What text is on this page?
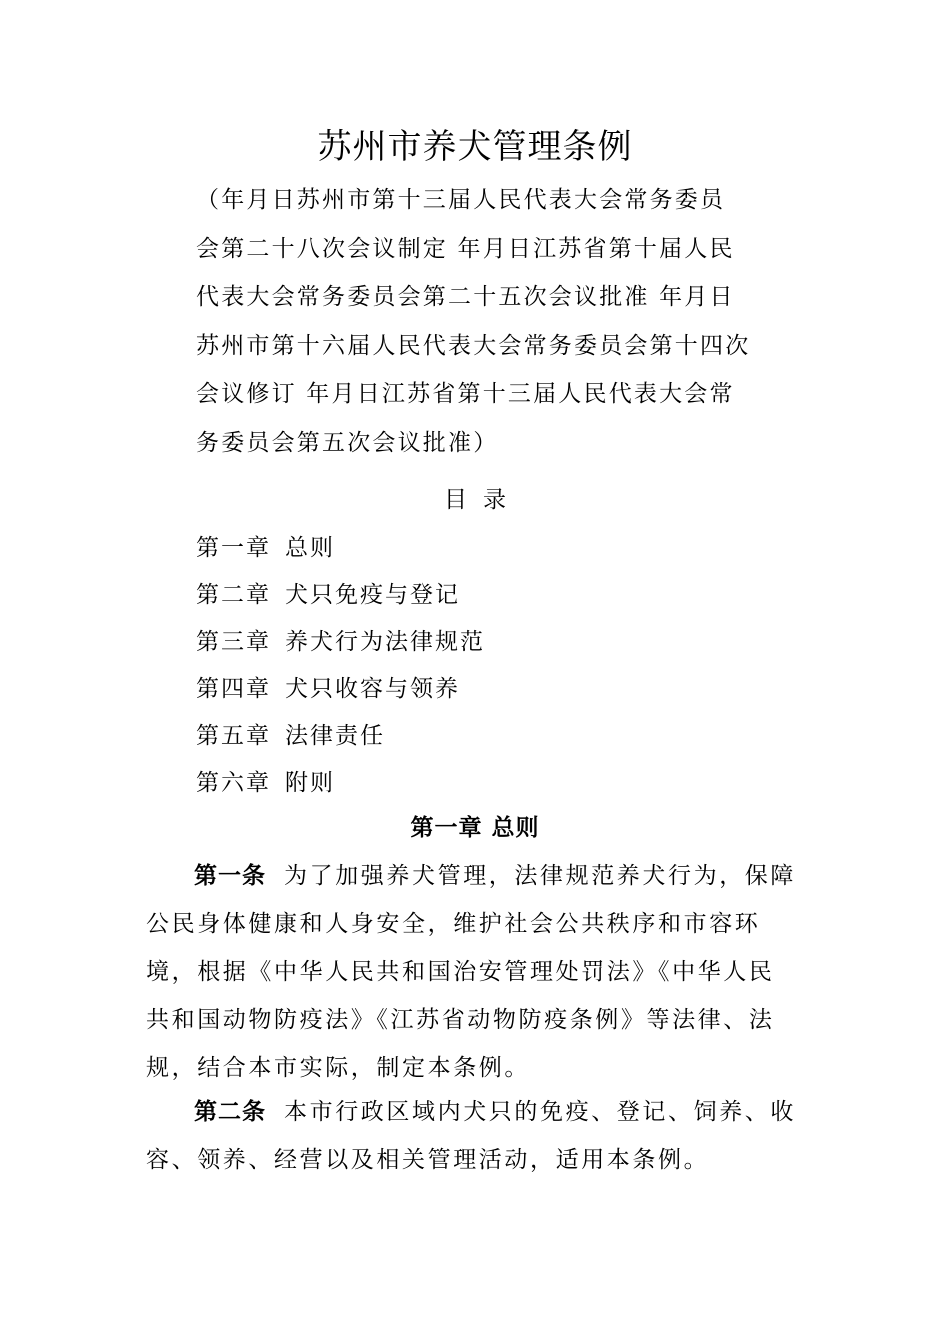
苏州市养犬管理条例
（年月日苏州市第十三届人民代表大会常务委员
会第二十八次会议制定 年月日江苏省第十届人民
代表大会常务委员会第二十五次会议批准 年月日
苏州市第十六届人民代表大会常务委员会第十四次
会议修订 年月日江苏省第十三届人民代表大会常
务委员会第五次会议批准）
目录
第一章 总则
第二章 犬只免疫与登记
第三章 养犬行为法律规范
第四章 犬只收容与领养
第五章 法律责任
第六章 附则
第一章 总则
第一条 为了加强养犬管理，法律规范养犬行为，保障
公民身体健康和人身安全，维护社会公共秩序和市容环
境，根据《中华人民共和国治安管理处罚法》《中华人民
共和国动物防疫法》《江苏省动物防疫条例》等法律、法
规，结合本市实际，制定本条例。
第二条 本市行政区域内犬只的免疫、登记、饲养、收
容、领养、经营以及相关管理活动，适用本条例。
